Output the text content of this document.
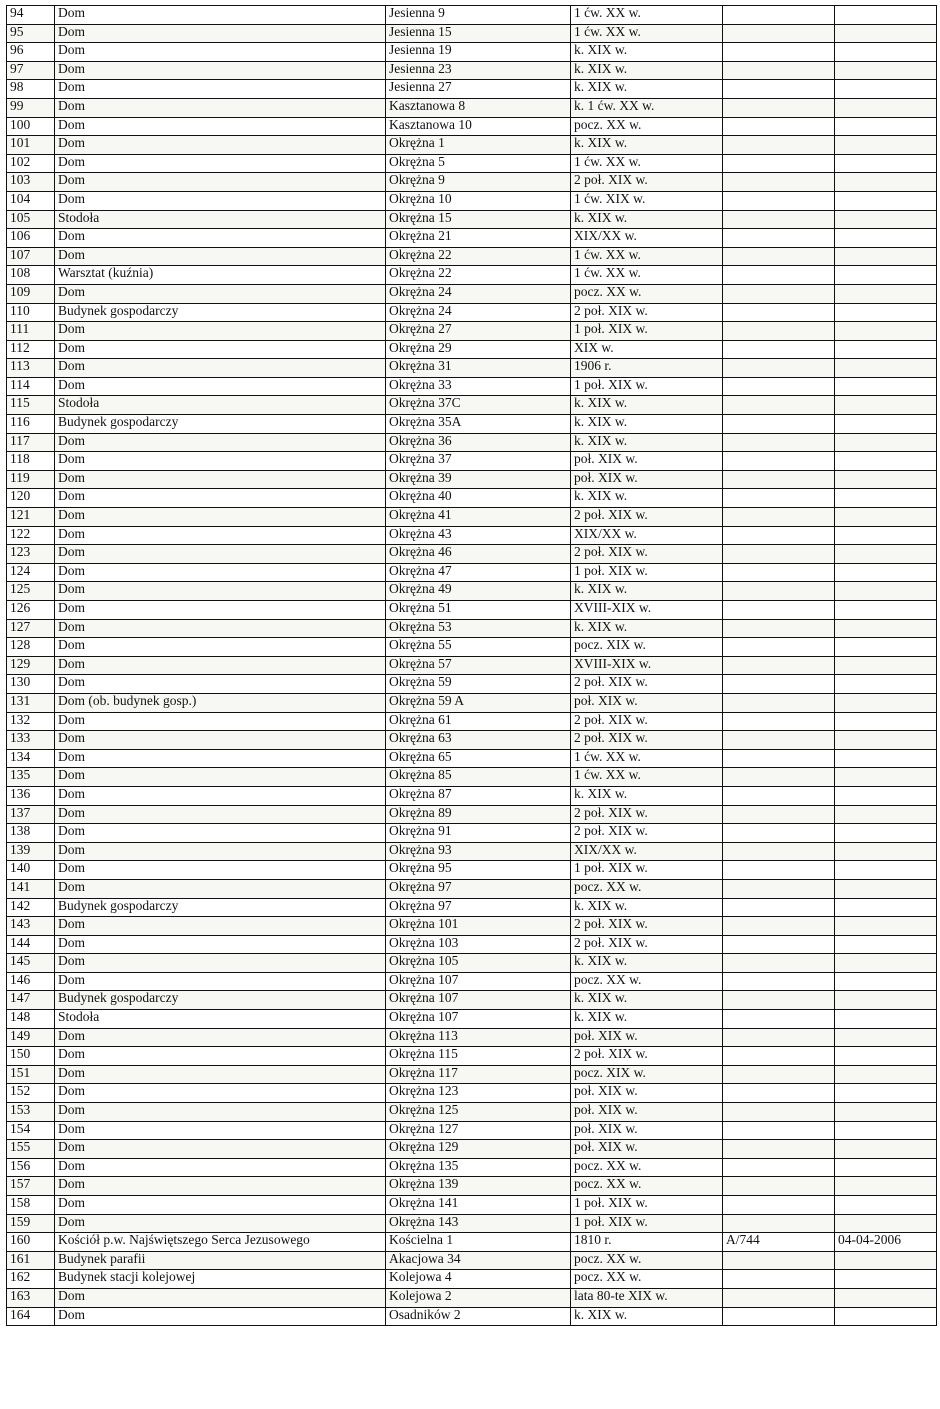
94	Dom	Jesienna 9	1 ćw. XX w.		
95	Dom	Jesienna 15	1 ćw. XX w.		
96	Dom	Jesienna 19	k. XIX w.		
97	Dom	Jesienna 23	k. XIX w.		
98	Dom	Jesienna 27	k. XIX w.		
99	Dom	Kasztanowa 8	k. 1 ćw. XX w.		
100	Dom	Kasztanowa 10	pocz. XX w.		
101	Dom	Okrężna 1	k. XIX w.		
102	Dom	Okrężna 5	1 ćw. XX w.		
103	Dom	Okrężna 9	2 poł. XIX w.		
104	Dom	Okrężna 10	1 ćw. XIX w.		
105	Stodoła	Okrężna 15	k. XIX w.		
106	Dom	Okrężna 21	XIX/XX w.		
107	Dom	Okrężna 22	1 ćw. XX w.		
108	Warsztat (kuźnia)	Okrężna 22	1 ćw. XX w.		
109	Dom	Okrężna 24	pocz. XX w.		
110	Budynek gospodarczy	Okrężna 24	2 poł. XIX w.		
111	Dom	Okrężna 27	1 poł. XIX w.		
112	Dom	Okrężna 29	XIX w.		
113	Dom	Okrężna 31	1906 r.		
114	Dom	Okrężna 33	1 poł. XIX w.		
115	Stodoła	Okrężna 37C	k. XIX w.		
116	Budynek gospodarczy	Okrężna 35A	k. XIX w.		
117	Dom	Okrężna 36	k. XIX w.		
118	Dom	Okrężna 37	poł. XIX w.		
119	Dom	Okrężna 39	poł. XIX w.		
120	Dom	Okrężna 40	k. XIX w.		
121	Dom	Okrężna 41	2 poł. XIX w.		
122	Dom	Okrężna 43	XIX/XX w.		
123	Dom	Okrężna 46	2 poł. XIX w.		
124	Dom	Okrężna 47	1 poł. XIX w.		
125	Dom	Okrężna 49	k. XIX w.		
126	Dom	Okrężna 51	XVIII-XIX w.		
127	Dom	Okrężna 53	k. XIX w.		
128	Dom	Okrężna 55	pocz. XIX w.		
129	Dom	Okrężna 57	XVIII-XIX w.		
130	Dom	Okrężna 59	2 poł. XIX w.		
131	Dom (ob. budynek gosp.)	Okrężna 59 A	poł. XIX w.		
132	Dom	Okrężna 61	2 poł. XIX w.		
133	Dom	Okrężna 63	2 poł. XIX w.		
134	Dom	Okrężna 65	1 ćw. XX w.		
135	Dom	Okrężna 85	1 ćw. XX w.		
136	Dom	Okrężna 87	k. XIX w.		
137	Dom	Okrężna 89	2 poł. XIX w.		
138	Dom	Okrężna 91	2 poł. XIX w.		
139	Dom	Okrężna 93	XIX/XX w.		
140	Dom	Okrężna 95	1 poł. XIX w.		
141	Dom	Okrężna 97	pocz. XX w.		
142	Budynek gospodarczy	Okrężna 97	k. XIX w.		
143	Dom	Okrężna 101	2 poł. XIX w.		
144	Dom	Okrężna 103	2 poł. XIX w.		
145	Dom	Okrężna 105	k. XIX w.		
146	Dom	Okrężna 107	pocz. XX w.		
147	Budynek gospodarczy	Okrężna 107	k. XIX w.		
148	Stodoła	Okrężna 107	k. XIX w.		
149	Dom	Okrężna 113	poł. XIX w.		
150	Dom	Okrężna 115	2 poł. XIX w.		
151	Dom	Okrężna 117	pocz. XIX w.		
152	Dom	Okrężna 123	poł. XIX w.		
153	Dom	Okrężna 125	poł. XIX w.		
154	Dom	Okrężna 127	poł. XIX w.		
155	Dom	Okrężna 129	poł. XIX w.		
156	Dom	Okrężna 135	pocz. XX w.		
157	Dom	Okrężna 139	pocz. XX w.		
158	Dom	Okrężna 141	1 poł. XIX w.		
159	Dom	Okrężna 143	1 poł. XIX w.		
160	Kościół p.w. Najświętszego Serca Jezusowego	Kościelna 1	1810 r.	A/744	04-04-2006
161	Budynek parafii	Akacjowa 34	pocz. XX w.		
162	Budynek stacji kolejowej	Kolejowa 4	pocz. XX w.		
163	Dom	Kolejowa 2	lata 80-te XIX w.		
164	Dom	Osadników 2	k. XIX w.		
